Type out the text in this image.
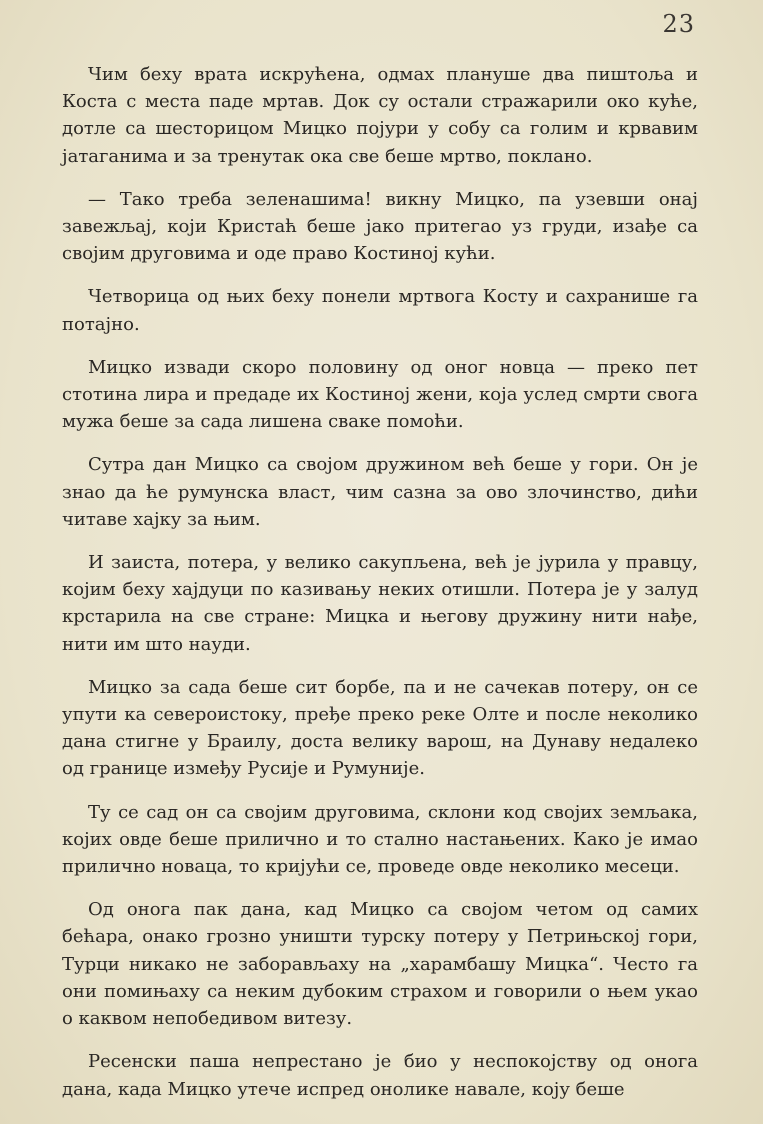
23

Чим беху врата искрућена, одмах плануше два пиштоља и Коста с места паде мртав. Док су остали стражарили око куће, дотле са шесторицом Мицко појури у собу са голим и крвавим јатаганима и за тренутак ока све беше мртво, поклано.

— Тако треба зеленашима! викну Мицко, па узевши онај завежљај, који Кристаћ беше јако притегао уз груди, изађе са својим друговима и оде право Костиној кући.

Четворица од њих беху понели мртвога Косту и сахранише га потајно.

Мицко извади скоро половину од оног новца — преко пет стотина лира и предаде их Костиној жени, која услед смрти свога мужа беше за сада лишена сваке помоћи.

Сутра дан Мицко са својом дружином већ беше у гори. Он је знао да ће румунска власт, чим сазна за ово злочинство, дићи читаве хајку за њим.

И заиста, потера, у велико сакупљена, већ је јурила у правцу, којим беху хајдуци по казивању неких отишли. Потера је у залуд крстарила на све стране: Мицка и његову дружину нити нађе, нити им што науди.

Мицко за сада беше сит борбе, па и не сачекав потеру, он се упути ка североистоку, пређе преко реке Олте и после неколико дана стигне у Браилу, доста велику варош, на Дунаву недалеко од границе између Русије и Румуније.

Ту се сад он са својим друговима, склони код својих земљака, којих овде беше прилично и то стално настањених. Како је имао прилично новаца, то кријући се, проведе овде неколико месеци.

Од онога пак дана, кад Мицко са својом четом од самих бећара, онако грозно уништи турску потеру у Петрињској гори, Турци никако не заборављаху на „харамбашу Мицка“. Често га они помињаху са неким дубоким страхом и говорили о њем укао о каквом непобедивом витезу.

Ресенски паша непрестано је био у неспокојству од онога дана, када Мицко утече испред онолике навале, коју беше
